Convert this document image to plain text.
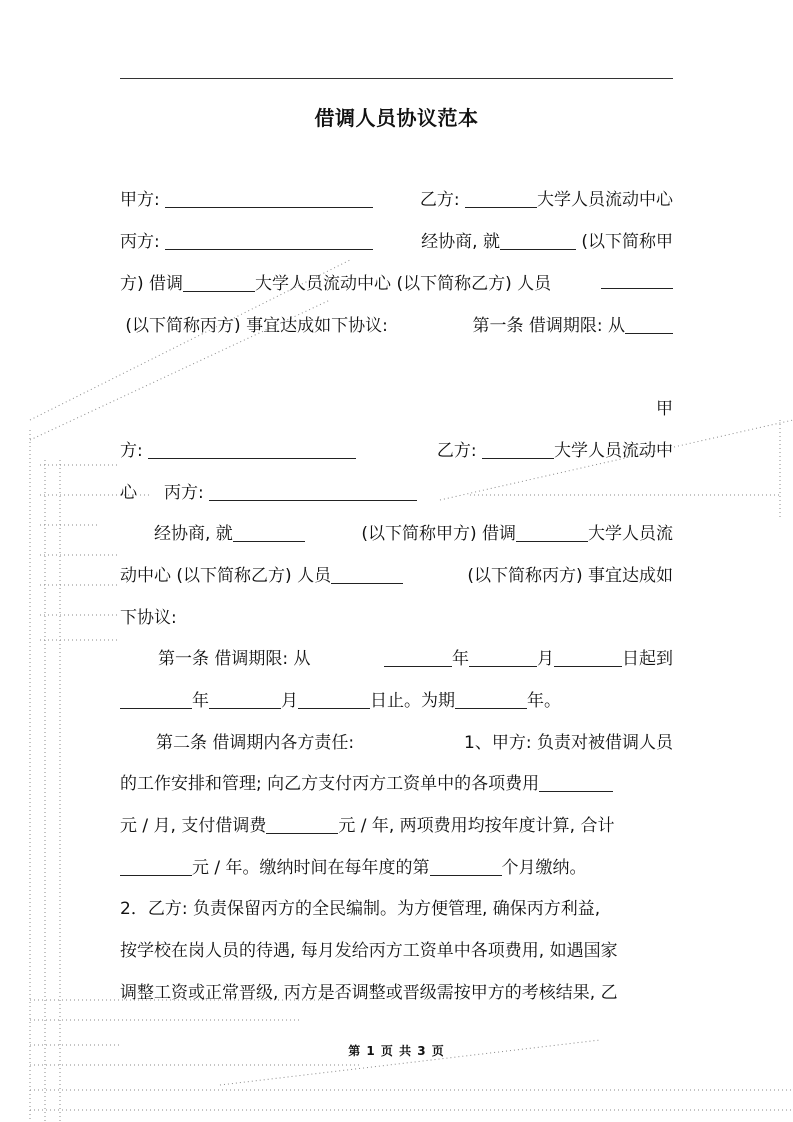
借调人员协议范本
甲方:	乙方:	大学人员流动中心
丙方:	经协商, 就	(以下简称甲
方) 借调	大学人员流动中心 (以下简称乙方) 人员
(以下简称丙方) 事宜达成如下协议:	第一条 借调期限: 从
甲
方:	乙方:	大学人员流动中
心 丙方:
经协商, 就	(以下简称甲方) 借调	大学人员流
动中心 (以下简称乙方) 人员	(以下简称丙方) 事宜达成如
下协议:
第一条 借调期限: 从	年	月	日起到
年	月	日止。为期	年。
第二条 借调期内各方责任:	1、甲方: 负责对被借调人员
的工作安排和管理; 向乙方支付丙方工资单中的各项费用
元 / 月, 支付借调费	元 / 年, 两项费用均按年度计算, 合计
元 / 年。缴纳时间在每年度的第	个月缴纳。
2．乙方: 负责保留丙方的全民编制。为方便管理, 确保丙方利益,
按学校在岗人员的待遇, 每月发给丙方工资单中各项费用, 如遇国家
调整工资或正常晋级, 丙方是否调整或晋级需按甲方的考核结果, 乙
第 1 页 共 3 页
